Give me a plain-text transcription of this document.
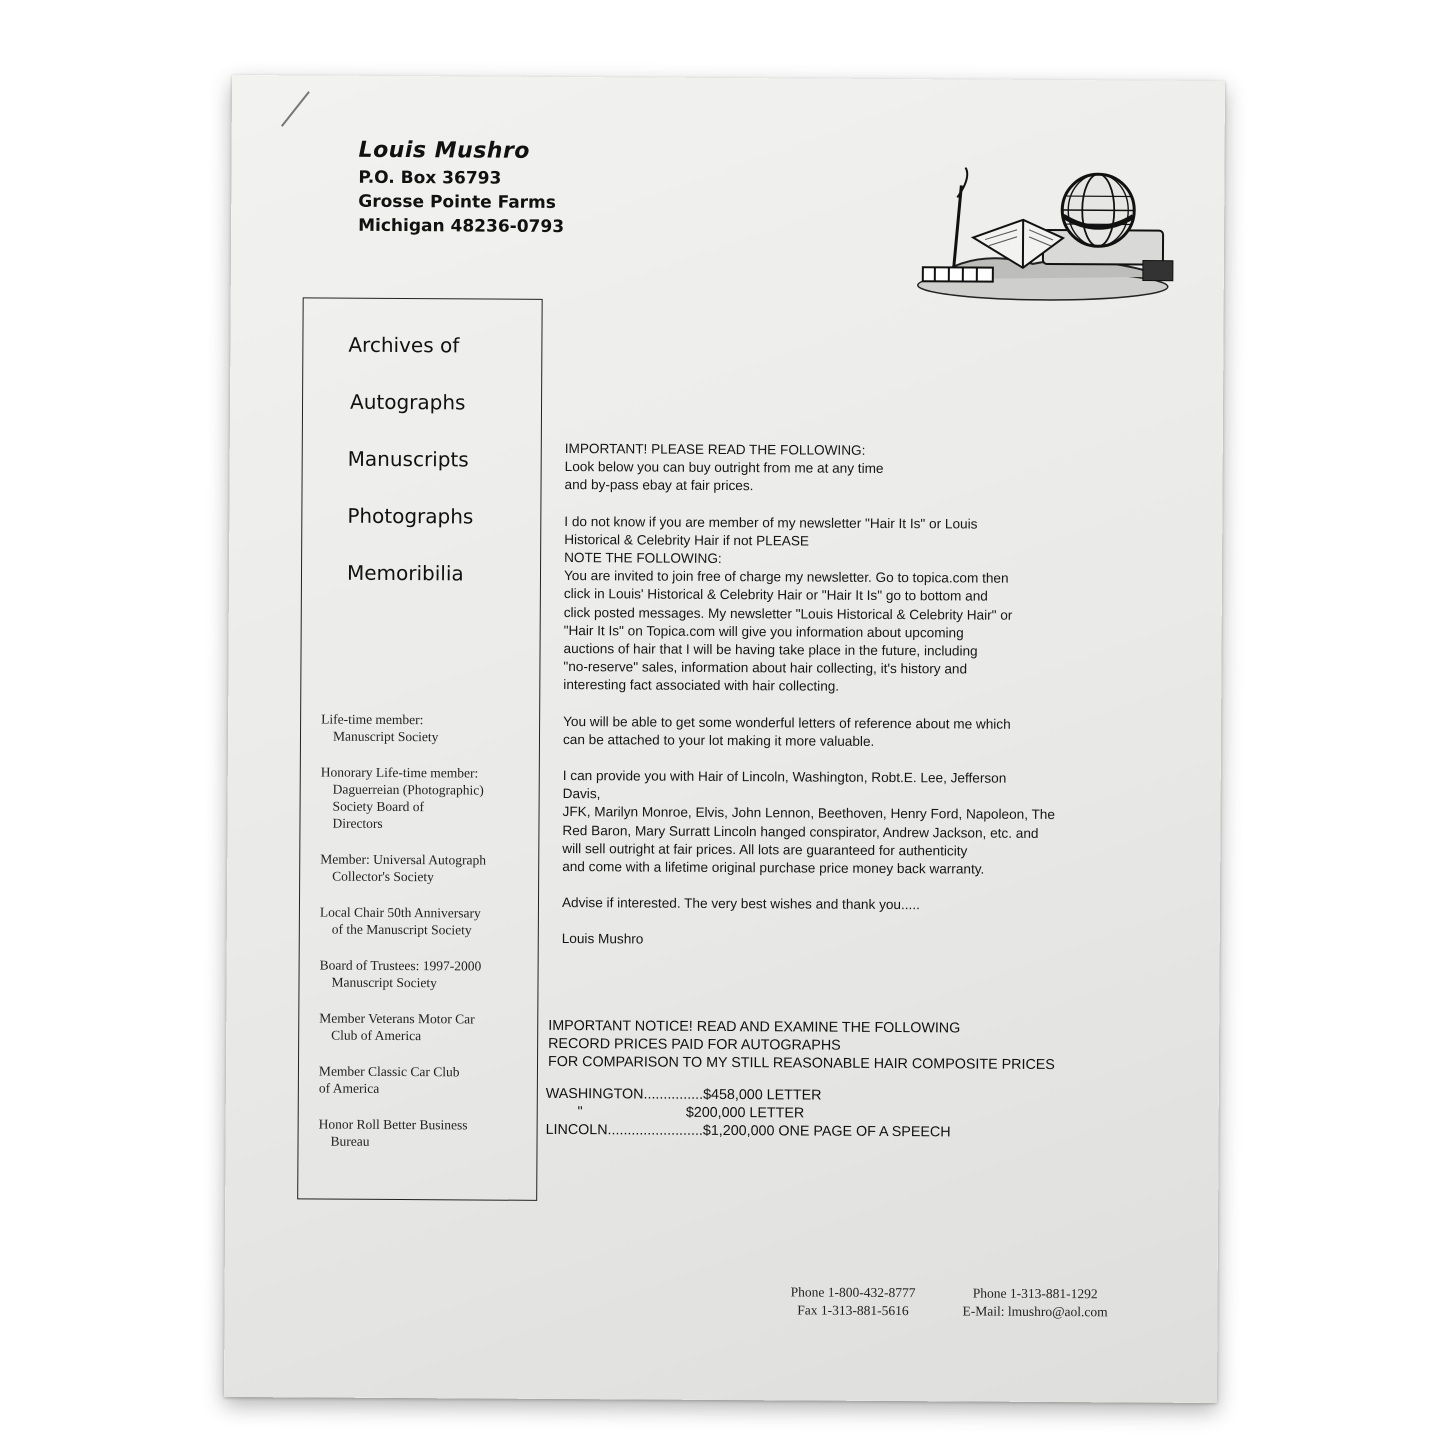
Louis Mushro
P.O. Box 36793
Grosse Pointe Farms
Michigan 48236-0793
Archives of
Autographs
Manuscripts
Photographs
Memoribilia
Life-time member:
Manuscript Society
Honorary Life-time member:
Daguerreian (Photographic)
Society Board of
Directors
Member: Universal Autograph
Collector's Society
Local Chair 50th Anniversary
of the Manuscript Society
Board of Trustees: 1997-2000
Manuscript Society
Member Veterans Motor Car
Club of America
Member Classic Car Club
of America
Honor Roll Better Business
Bureau

IMPORTANT! PLEASE READ THE FOLLOWING:
Look below you can buy outright from me at any time
and by-pass ebay at fair prices.

I do not know if you are member of my newsletter "Hair It Is" or Louis
Historical & Celebrity Hair if not PLEASE
NOTE THE FOLLOWING:
You are invited to join free of charge my newsletter. Go to topica.com then
click in Louis' Historical & Celebrity Hair or "Hair It Is" go to bottom and
click posted messages. My newsletter "Louis Historical & Celebrity Hair" or
"Hair It Is" on Topica.com will give you information about upcoming
auctions of hair that I will be having take place in the future, including
"no-reserve" sales, information about hair collecting, it's history and
interesting fact associated with hair collecting.

You will be able to get some wonderful letters of reference about me which
can be attached to your lot making it more valuable.

I can provide you with Hair of Lincoln, Washington, Robt.E. Lee, Jefferson
Davis,
JFK, Marilyn Monroe, Elvis, John Lennon, Beethoven, Henry Ford, Napoleon, The
Red Baron, Mary Surratt Lincoln hanged conspirator, Andrew Jackson, etc. and
will sell outright at fair prices. All lots are guaranteed for authenticity
and come with a lifetime original purchase price money back warranty.

Advise if interested. The very best wishes and thank you.....

Louis Mushro

IMPORTANT NOTICE! READ AND EXAMINE THE FOLLOWING
RECORD PRICES PAID FOR AUTOGRAPHS
FOR COMPARISON TO MY STILL REASONABLE HAIR COMPOSITE PRICES
WASHINGTON...............$458,000 LETTER
"                          $200,000 LETTER
LINCOLN........................$1,200,000 ONE PAGE OF A SPEECH
Phone 1-800-432-8777
Fax 1-313-881-5616
Phone 1-313-881-1292
E-Mail: lmushro@aol.com
